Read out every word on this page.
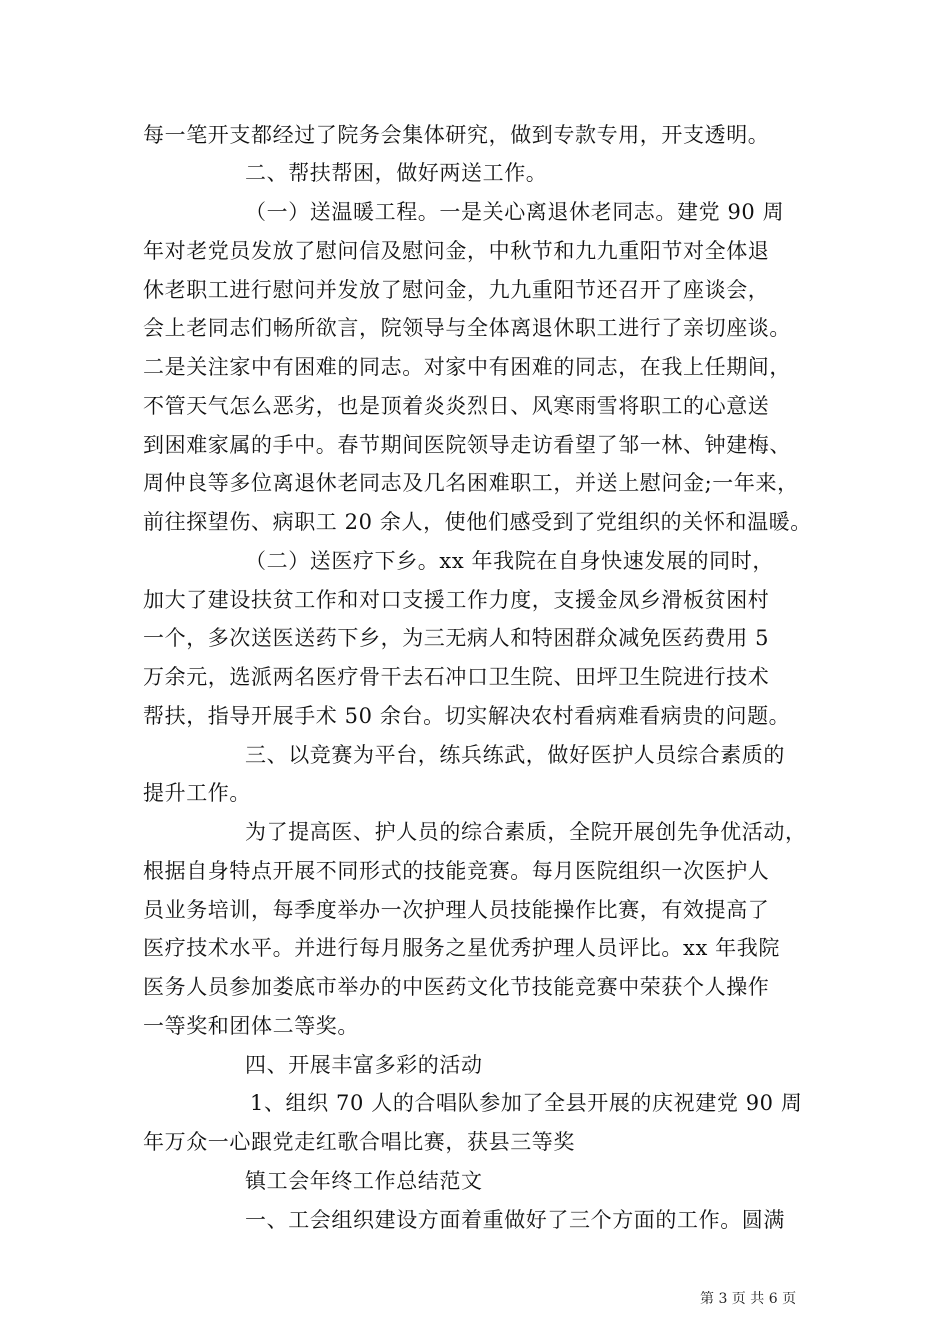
每一笔开支都经过了院务会集体研究，做到专款专用，开支透明。
二、帮扶帮困，做好两送工作。
（一）送温暖工程。一是关心离退休老同志。建党 90 周
年对老党员发放了慰问信及慰问金，中秋节和九九重阳节对全体退
休老职工进行慰问并发放了慰问金，九九重阳节还召开了座谈会，
会上老同志们畅所欲言，院领导与全体离退休职工进行了亲切座谈。
二是关注家中有困难的同志。对家中有困难的同志，在我上任期间，
不管天气怎么恶劣，也是顶着炎炎烈日、风寒雨雪将职工的心意送
到困难家属的手中。春节期间医院领导走访看望了邹一林、钟建梅、
周仲良等多位离退休老同志及几名困难职工，并送上慰问金;一年来，
前往探望伤、病职工 20 余人，使他们感受到了党组织的关怀和温暖。
（二）送医疗下乡。xx 年我院在自身快速发展的同时，
加大了建设扶贫工作和对口支援工作力度，支援金凤乡滑板贫困村
一个，多次送医送药下乡，为三无病人和特困群众减免医药费用 5
万余元，选派两名医疗骨干去石冲口卫生院、田坪卫生院进行技术
帮扶，指导开展手术 50 余台。切实解决农村看病难看病贵的问题。
三、以竞赛为平台，练兵练武，做好医护人员综合素质的
提升工作。
为了提高医、护人员的综合素质，全院开展创先争优活动，
根据自身特点开展不同形式的技能竞赛。每月医院组织一次医护人
员业务培训，每季度举办一次护理人员技能操作比赛，有效提高了
医疗技术水平。并进行每月服务之星优秀护理人员评比。xx 年我院
医务人员参加娄底市举办的中医药文化节技能竞赛中荣获个人操作
一等奖和团体二等奖。
四、开展丰富多彩的活动
1、组织 70 人的合唱队参加了全县开展的庆祝建党 90 周
年万众一心跟党走红歌合唱比赛，获县三等奖
镇工会年终工作总结范文
一、工会组织建设方面着重做好了三个方面的工作。圆满
第 3 页 共 6 页
